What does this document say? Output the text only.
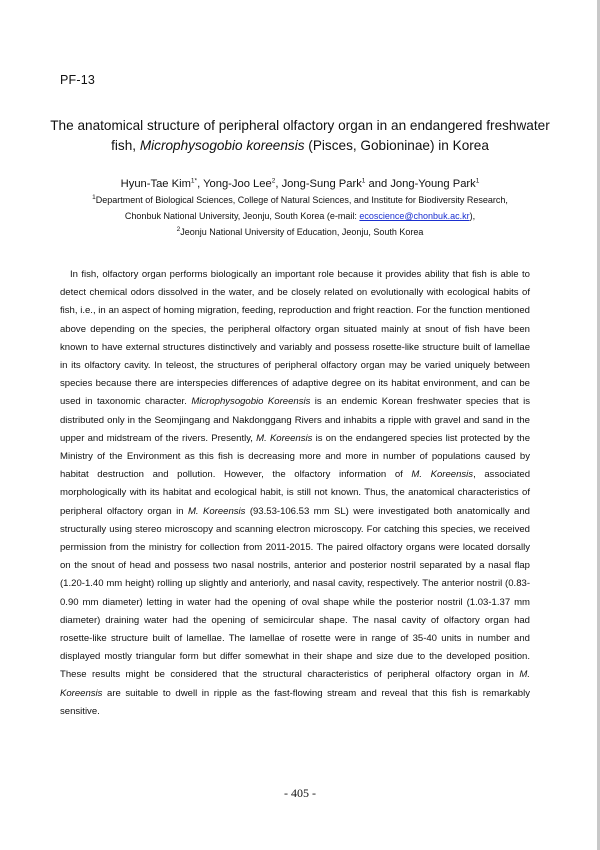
PF-13
The anatomical structure of peripheral olfactory organ in an endangered freshwater
fish, Microphysogobio koreensis (Pisces, Gobioninae) in Korea
Hyun-Tae Kim$^{1*}$, Yong-Joo Lee$^2$, Jong-Sung Park$^1$ and Jong-Young Park$^1$
$^1$Department of Biological Sciences, College of Natural Sciences, and Institute for Biodiversity Research,
Chonbuk National University, Jeonju, South Korea (e-mail: ecoscience@chonbuk.ac.kr),
$^2$Jeonju National University of Education, Jeonju, South Korea

In fish, olfactory organ performs biologically an important role because it provides ability that fish is able to detect chemical odors dissolved in the water, and be closely related on evolutionally with ecological habits of fish, i.e., in an aspect of homing migration, feeding, reproduction and fright reaction. For the function mentioned above depending on the species, the peripheral olfactory organ situated mainly at snout of fish have been known to have external structures distinctively and variably and possess rosette-like structure built of lamellae in its olfactory cavity. In teleost, the structures of peripheral olfactory organ may be varied uniquely between species because there are interspecies differences of adaptive degree on its habitat environment, and can be used in taxonomic character. Microphysogobio Koreensis is an endemic Korean freshwater species that is distributed only in the Seomjingang and Nakdonggang Rivers and inhabits a ripple with gravel and sand in the upper and midstream of the rivers. Presently, M. Koreensis is on the endangered species list protected by the Ministry of the Environment as this fish is decreasing more and more in number of populations caused by habitat destruction and pollution. However, the olfactory information of M. Koreensis, associated morphologically with its habitat and ecological habit, is still not known. Thus, the anatomical characteristics of peripheral olfactory organ in M. Koreensis (93.53-106.53 mm SL) were investigated both anatomically and structurally using stereo microscopy and scanning electron microscopy. For catching this species, we received permission from the ministry for collection from 2011-2015. The paired olfactory organs were located dorsally on the snout of head and possess two nasal nostrils, anterior and posterior nostril separated by a nasal flap (1.20-1.40 mm height) rolling up slightly and anteriorly, and nasal cavity, respectively. The anterior nostril (0.83-0.90 mm diameter) letting in water had the opening of oval shape while the posterior nostril (1.03-1.37 mm diameter) draining water had the opening of semicircular shape. The nasal cavity of olfactory organ had rosette-like structure built of lamellae. The lamellae of rosette were in range of 35-40 units in number and displayed mostly triangular form but differ somewhat in their shape and size due to the developed position. These results might be considered that the structural characteristics of peripheral olfactory organ in M. Koreensis are suitable to dwell in ripple as the fast-flowing stream and reveal that this fish is remarkably sensitive.

- 405 -
